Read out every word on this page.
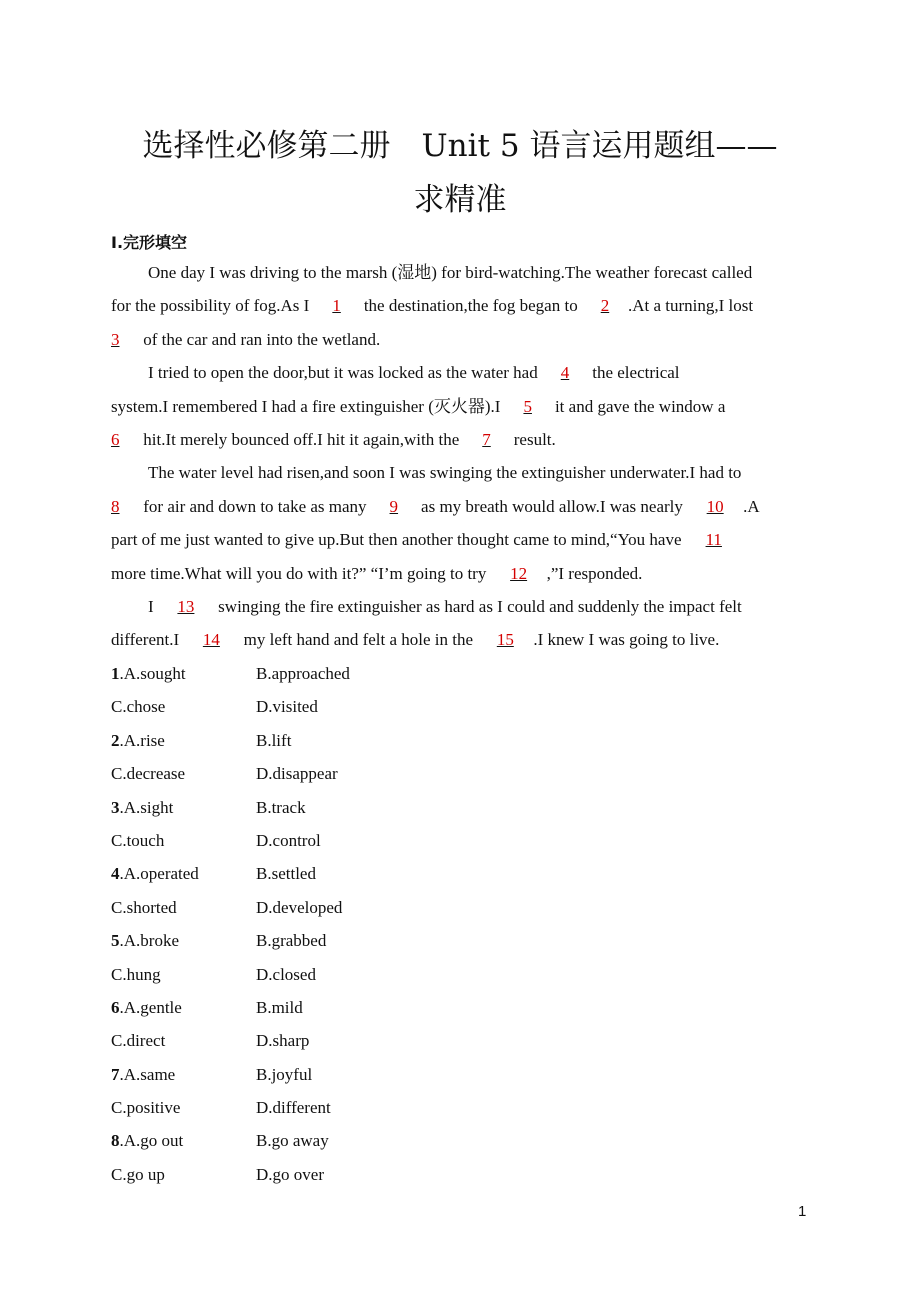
选择性必修第二册　Unit 5 语言运用题组——
求精准
Ⅰ.完形填空
One day I was driving to the marsh (湿地) for bird-watching.The weather forecast called
for the possibility of fog.As I 1 the destination,the fog began to 2 .At a turning,I lost
3 of the car and ran into the wetland.
I tried to open the door,but it was locked as the water had 4 the electrical
system.I remembered I had a fire extinguisher (灭火器).I 5 it and gave the window a
6 hit.It merely bounced off.I hit it again,with the 7 result.
The water level had risen,and soon I was swinging the extinguisher underwater.I had to
8 for air and down to take as many 9 as my breath would allow.I was nearly 10 .A
part of me just wanted to give up.But then another thought came to mind,“You have 11
more time.What will you do with it?” “I’m going to try 12 ,”I responded.
I 13 swinging the fire extinguisher as hard as I could and suddenly the impact felt
different.I 14 my left hand and felt a hole in the 15 .I knew I was going to live.
1.A.sought	B.approached
C.chose	D.visited
2.A.rise	B.lift
C.decrease	D.disappear
3.A.sight	B.track
C.touch	D.control
4.A.operated	B.settled
C.shorted	D.developed
5.A.broke	B.grabbed
C.hung	D.closed
6.A.gentle	B.mild
C.direct	D.sharp
7.A.same	B.joyful
C.positive	D.different
8.A.go out	B.go away
C.go up	D.go over
1
